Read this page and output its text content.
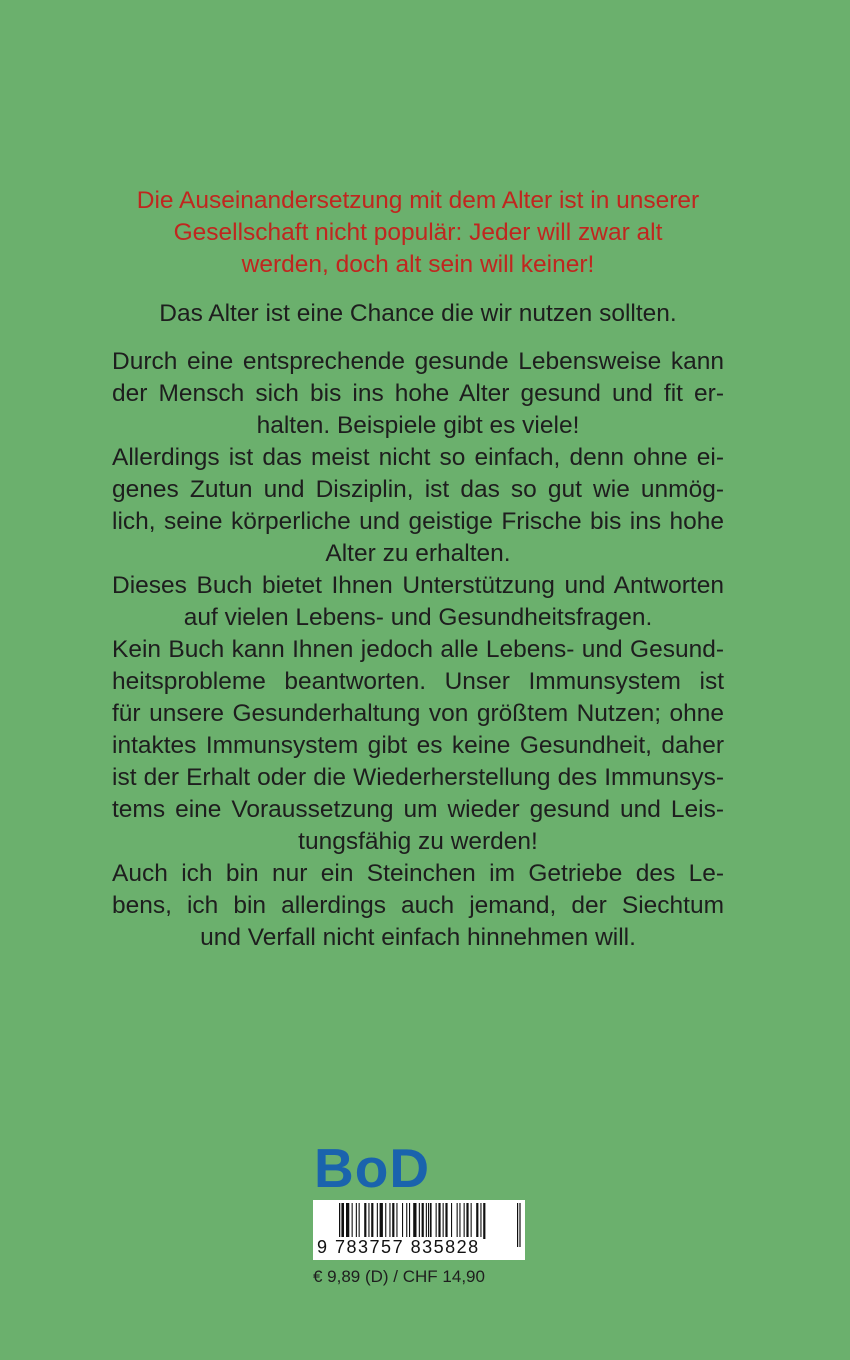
Die Auseinandersetzung mit dem Alter ist in unserer
Gesellschaft nicht populär: Jeder will zwar alt
werden, doch alt sein will keiner!

Das Alter ist eine Chance die wir nutzen sollten.

Durch eine entsprechende gesunde Lebensweise kann
der Mensch sich bis ins hohe Alter gesund und fit er-
halten. Beispiele gibt es viele!
Allerdings ist das meist nicht so einfach, denn ohne ei-
genes Zutun und Disziplin, ist das so gut wie unmög-
lich, seine körperliche und geistige Frische bis ins hohe
Alter zu erhalten.
Dieses Buch bietet Ihnen Unterstützung und Antworten
auf vielen Lebens- und Gesundheitsfragen.
Kein Buch kann Ihnen jedoch alle Lebens- und Gesund-
heitsprobleme beantworten. Unser Immunsystem ist
für unsere Gesunderhaltung von größtem Nutzen; ohne
intaktes Immunsystem gibt es keine Gesundheit, daher
ist der Erhalt oder die Wiederherstellung des Immunsys-
tems eine Voraussetzung um wieder gesund und Leis-
tungsfähig zu werden!
Auch ich bin nur ein Steinchen im Getriebe des Le-
bens, ich bin allerdings auch jemand, der Siechtum
und Verfall nicht einfach hinnehmen will.
BoD
9 783757 835828
€ 9,89 (D) / CHF 14,90
